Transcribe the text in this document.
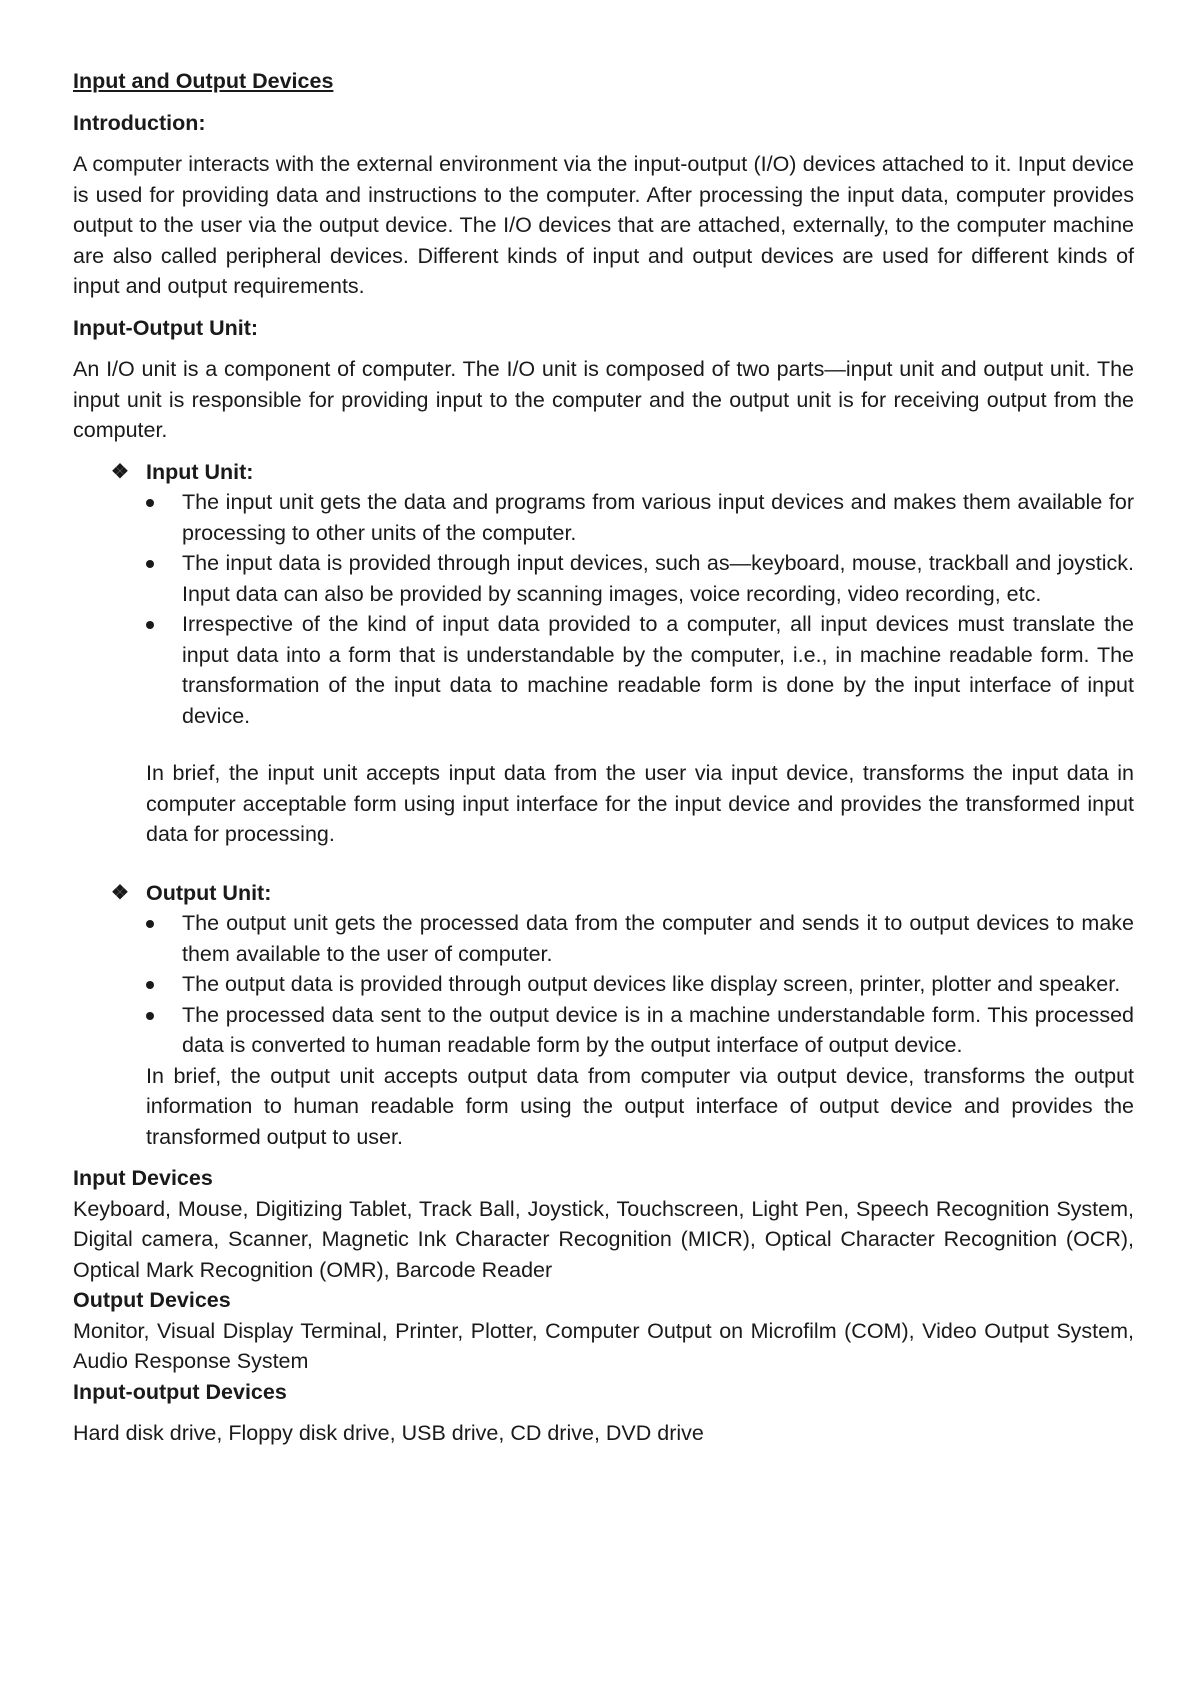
Input and Output Devices
Introduction:

A computer interacts with the external environment via the input-output (I/O) devices attached to it. Input device is used for providing data and instructions to the computer. After processing the input data, computer provides output to the user via the output device. The I/O devices that are attached, externally, to the computer machine are also called peripheral devices. Different kinds of input and output devices are used for different kinds of input and output requirements.

Input-Output Unit:

An I/O unit is a component of computer. The I/O unit is composed of two parts—input unit and output unit. The input unit is responsible for providing input to the computer and the output unit is for receiving output from the computer.

❖ Input Unit:
The input unit gets the data and programs from various input devices and makes them available for processing to other units of the computer.
The input data is provided through input devices, such as—keyboard, mouse, trackball and joystick. Input data can also be provided by scanning images, voice recording, video recording, etc.
Irrespective of the kind of input data provided to a computer, all input devices must translate the input data into a form that is understandable by the computer, i.e., in machine readable form. The transformation of the input data to machine readable form is done by the input interface of input device.

In brief, the input unit accepts input data from the user via input device, transforms the input data in computer acceptable form using input interface for the input device and provides the transformed input data for processing.

❖ Output Unit:
The output unit gets the processed data from the computer and sends it to output devices to make them available to the user of computer.
The output data is provided through output devices like display screen, printer, plotter and speaker.
The processed data sent to the output device is in a machine understandable form. This processed data is converted to human readable form by the output interface of output device.

In brief, the output unit accepts output data from computer via output device, transforms the output information to human readable form using the output interface of output device and provides the transformed output to user.

Input Devices

Keyboard, Mouse, Digitizing Tablet, Track Ball, Joystick, Touchscreen, Light Pen, Speech Recognition System, Digital camera, Scanner, Magnetic Ink Character Recognition (MICR), Optical Character Recognition (OCR), Optical Mark Recognition (OMR), Barcode Reader

Output Devices

Monitor, Visual Display Terminal, Printer, Plotter, Computer Output on Microfilm (COM), Video Output System, Audio Response System

Input-output Devices

Hard disk drive, Floppy disk drive, USB drive, CD drive, DVD drive
